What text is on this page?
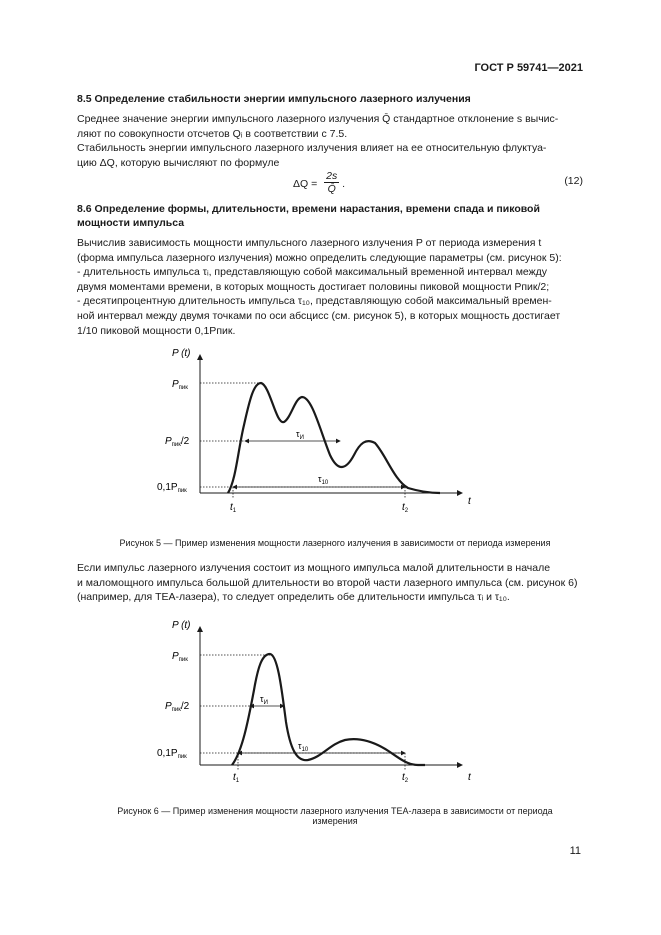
ГОСТ Р 59741—2021
8.5 Определение стабильности энергии импульсного лазерного излучения
Среднее значение энергии импульсного лазерного излучения Q̄ стандартное отклонение s вычис-
ляют по совокупности отсчетов Qᵢ в соответствии с 7.5.
Стабильность энергии импульсного лазерного излучения влияет на ее относительную флуктуа-
цию ΔQ, которую вычисляют по формуле
$\Delta Q = \frac{2s}{Q̄}$ .	(12)
8.6 Определение формы, длительности, времени нарастания, времени спада и пиковой
мощности импульса
Вычислив зависимость мощности импульсного лазерного излучения P от периода измерения t
(форма импульса лазерного излучения) можно определить следующие параметры (см. рисунок 5):
- длительность импульса τᵢ, представляющую собой максимальный временной интервал между
двумя моментами времени, в которых мощность достигает половины пиковой мощности Pпик/2;
- десятипроцентную длительность импульса τ₁₀, представляющую собой максимальный времен-
ной интервал между двумя точками по оси абсцисс (см. рисунок 5), в которых мощность достигает
1/10 пиковой мощности 0,1Pпик.
P (t)
t
$P_{пик}$
$P_{пик}/2$
$0,1P_{пик}$
$\tau_И$
$\tau_{10}$
$t_1$	$t_2$
Рисунок 5 — Пример изменения мощности лазерного излучения в зависимости от периода измерения
Если импульс лазерного излучения состоит из мощного импульса малой длительности в начале
и маломощного импульса большой длительности во второй части лазерного импульса (см. рисунок 6)
(например, для TEA-лазера), то следует определить обе длительности импульса τᵢ и τ₁₀.
P (t)
t
$P_{пик}$
$P_{пик}/2$
$0,1P_{пик}$
$\tau_И$
$\tau_{10}$
$t_1$	$t_2$
Рисунок 6 — Пример изменения мощности лазерного излучения TEA-лазера в зависимости от периода
измерения
11
